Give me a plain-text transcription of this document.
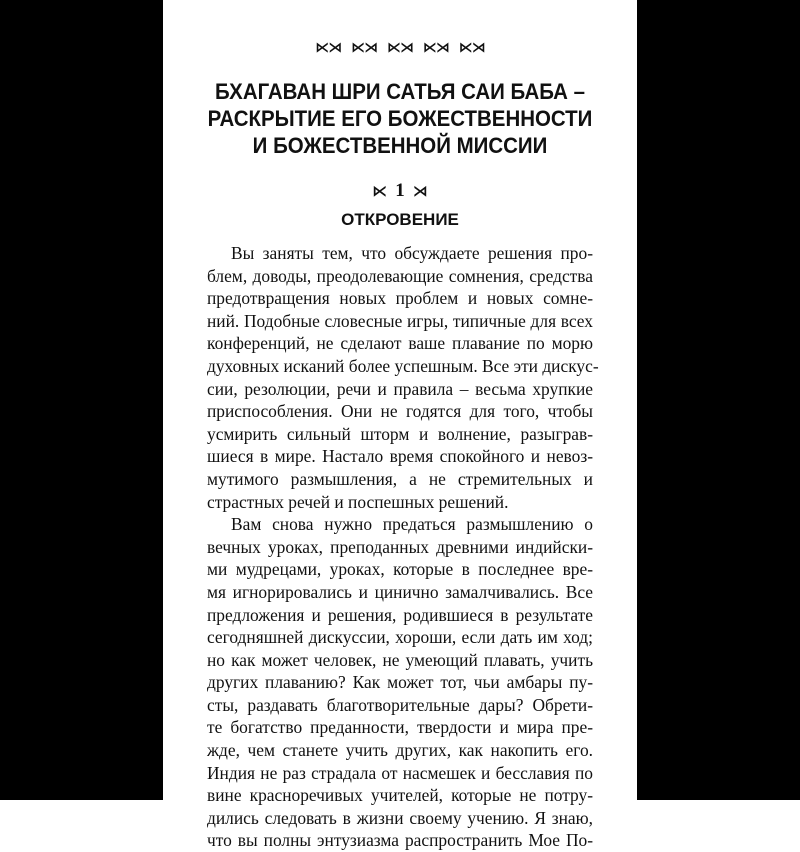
⋉⋊ ⋉⋊ ⋉⋊ ⋉⋊ ⋉⋊
БХАГАВАН ШРИ САТЬЯ САИ БАБА –
РАСКРЫТИЕ ЕГО БОЖЕСТВЕННОСТИ
И БОЖЕСТВЕННОЙ МИССИИ
⋉ 1 ⋊
ОТКРОВЕНИЕ
Вы заняты тем, что обсуждаете решения про-
блем, доводы, преодолевающие сомнения, средства
предотвращения новых проблем и новых сомне-
ний. Подобные словесные игры, типичные для всех
конференций, не сделают ваше плавание по морю
духовных исканий более успешным. Все эти дискус-
сии, резолюции, речи и правила – весьма хрупкие
приспособления. Они не годятся для того, чтобы
усмирить сильный шторм и волнение, разыграв-
шиеся в мире. Настало время спокойного и невоз-
мутимого размышления, а не стремительных и
страстных речей и поспешных решений.
Вам снова нужно предаться размышлению о
вечных уроках, преподанных древними индийски-
ми мудрецами, уроках, которые в последнее вре-
мя игнорировались и цинично замалчивались. Все
предложения и решения, родившиеся в результате
сегодняшней дискуссии, хороши, если дать им ход;
но как может человек, не умеющий плавать, учить
других плаванию? Как может тот, чьи амбары пу-
сты, раздавать благотворительные дары? Обрети-
те богатство преданности, твердости и мира пре-
жде, чем станете учить других, как накопить его.
Индия не раз страдала от насмешек и бесславия по
вине красноречивых учителей, которые не потру-
дились следовать в жизни своему учению. Я знаю,
что вы полны энтузиазма распространить Мое По-
